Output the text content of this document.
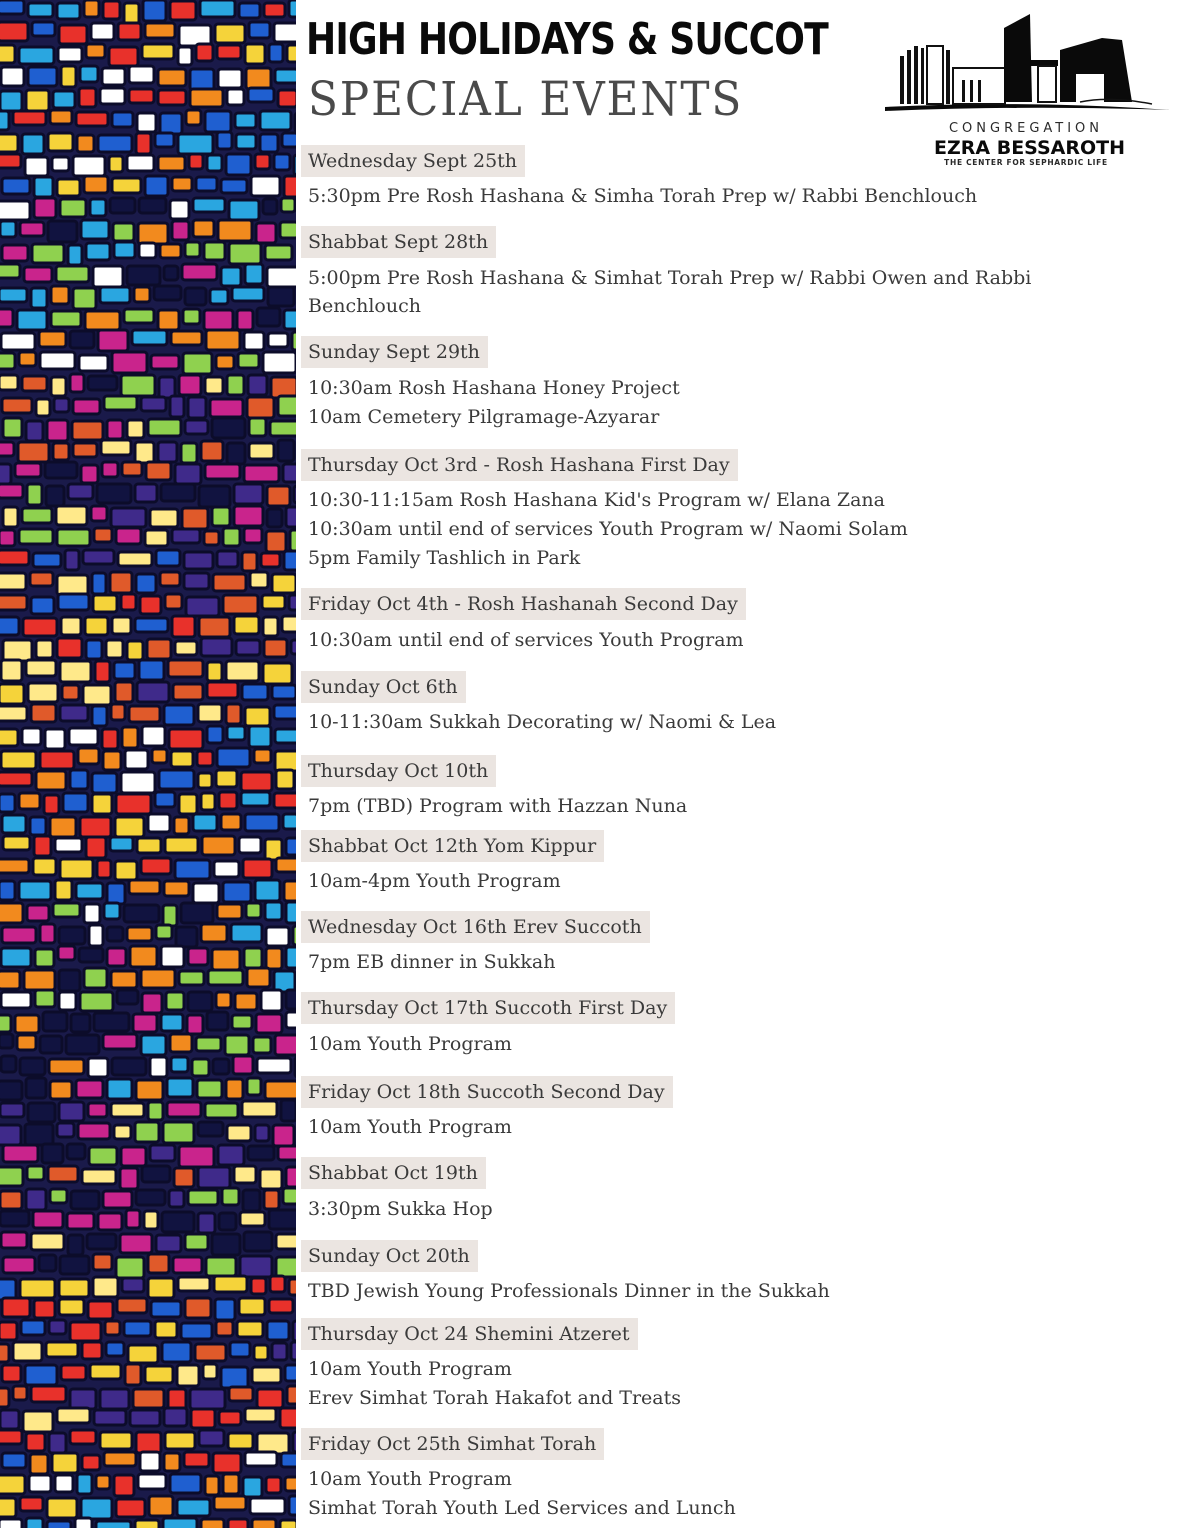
HIGH HOLIDAYS & SUCCOT
SPECIAL EVENTS
CONGREGATION
EZRA BESSAROTH
THE CENTER FOR SEPHARDIC LIFE
Wednesday Sept 25th
5:30pm Pre Rosh Hashana & Simha Torah Prep w/ Rabbi Benchlouch
Shabbat Sept 28th
5:00pm Pre Rosh Hashana & Simhat Torah Prep w/ Rabbi Owen and Rabbi
Benchlouch
Sunday Sept 29th
10:30am Rosh Hashana Honey Project
10am Cemetery Pilgramage-Azyarar
Thursday Oct 3rd - Rosh Hashana First Day
10:30-11:15am Rosh Hashana Kid's Program w/ Elana Zana
10:30am until end of services Youth Program w/ Naomi Solam
5pm Family Tashlich in Park
Friday Oct 4th - Rosh Hashanah Second Day
10:30am until end of services Youth Program
Sunday Oct 6th
10-11:30am Sukkah Decorating w/ Naomi & Lea
Thursday Oct 10th
7pm (TBD) Program with Hazzan Nuna
Shabbat Oct 12th Yom Kippur
10am-4pm Youth Program
Wednesday Oct 16th Erev Succoth
7pm EB dinner in Sukkah
Thursday Oct 17th Succoth First Day
10am Youth Program
Friday Oct 18th Succoth Second Day
10am Youth Program
Shabbat Oct 19th
3:30pm Sukka Hop
Sunday Oct 20th
TBD Jewish Young Professionals Dinner in the Sukkah
Thursday Oct 24 Shemini Atzeret
10am Youth Program
Erev Simhat Torah Hakafot and Treats
Friday Oct 25th Simhat Torah
10am Youth Program
Simhat Torah Youth Led Services and Lunch
